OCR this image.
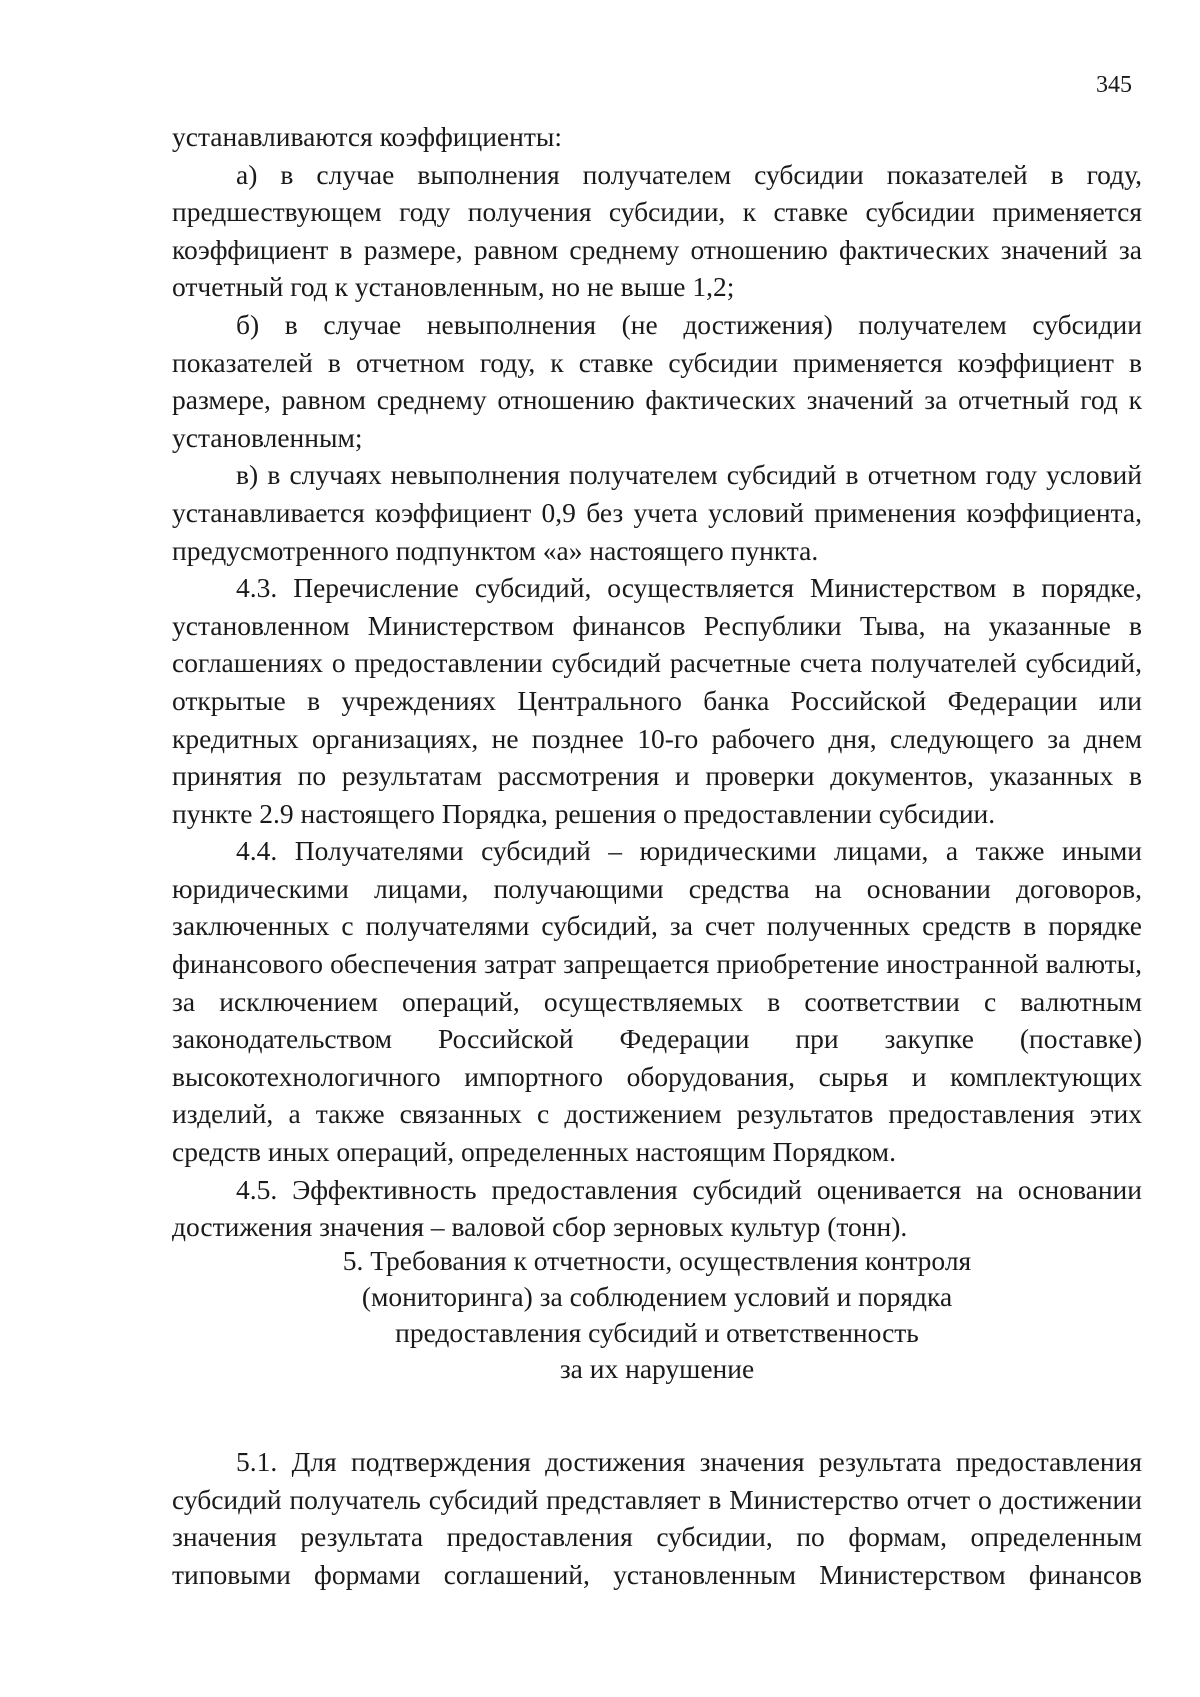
345

устанавливаются коэффициенты:

а) в случае выполнения получателем субсидии показателей в году, предшествующем году получения субсидии, к ставке субсидии применяется коэффициент в размере, равном среднему отношению фактических значений за отчетный год к установленным, но не выше 1,2;

б) в случае невыполнения (не достижения) получателем субсидии показателей в отчетном году, к ставке субсидии применяется коэффициент в размере, равном среднему отношению фактических значений за отчетный год к установленным;

в) в случаях невыполнения получателем субсидий в отчетном году условий устанавливается коэффициент 0,9 без учета условий применения коэффициента, предусмотренного подпунктом «а» настоящего пункта.

4.3. Перечисление субсидий, осуществляется Министерством в порядке, установленном Министерством финансов Республики Тыва, на указанные в соглашениях о предоставлении субсидий расчетные счета получателей субсидий, открытые в учреждениях Центрального банка Российской Федерации или кредитных организациях, не позднее 10-го рабочего дня, следующего за днем принятия по результатам рассмотрения и проверки документов, указанных в пункте 2.9 настоящего Порядка, решения о предоставлении субсидии.

4.4. Получателями субсидий – юридическими лицами, а также иными юридическими лицами, получающими средства на основании договоров, заключенных с получателями субсидий, за счет полученных средств в порядке финансового обеспечения затрат запрещается приобретение иностранной валюты, за исключением операций, осуществляемых в соответствии с валютным законодательством Российской Федерации при закупке (поставке) высокотехнологичного импортного оборудования, сырья и комплектующих изделий, а также связанных с достижением результатов предоставления этих средств иных операций, определенных настоящим Порядком.

4.5. Эффективность предоставления субсидий оценивается на основании достижения значения – валовой сбор зерновых культур (тонн).

5. Требования к отчетности, осуществления контроля
(мониторинга) за соблюдением условий и порядка
предоставления субсидий и ответственность
за их нарушение

5.1. Для подтверждения достижения значения результата предоставления субсидий получатель субсидий представляет в Министерство отчет о достижении значения результата предоставления субсидии, по формам, определенным типовыми формами соглашений, установленным Министерством финансов
